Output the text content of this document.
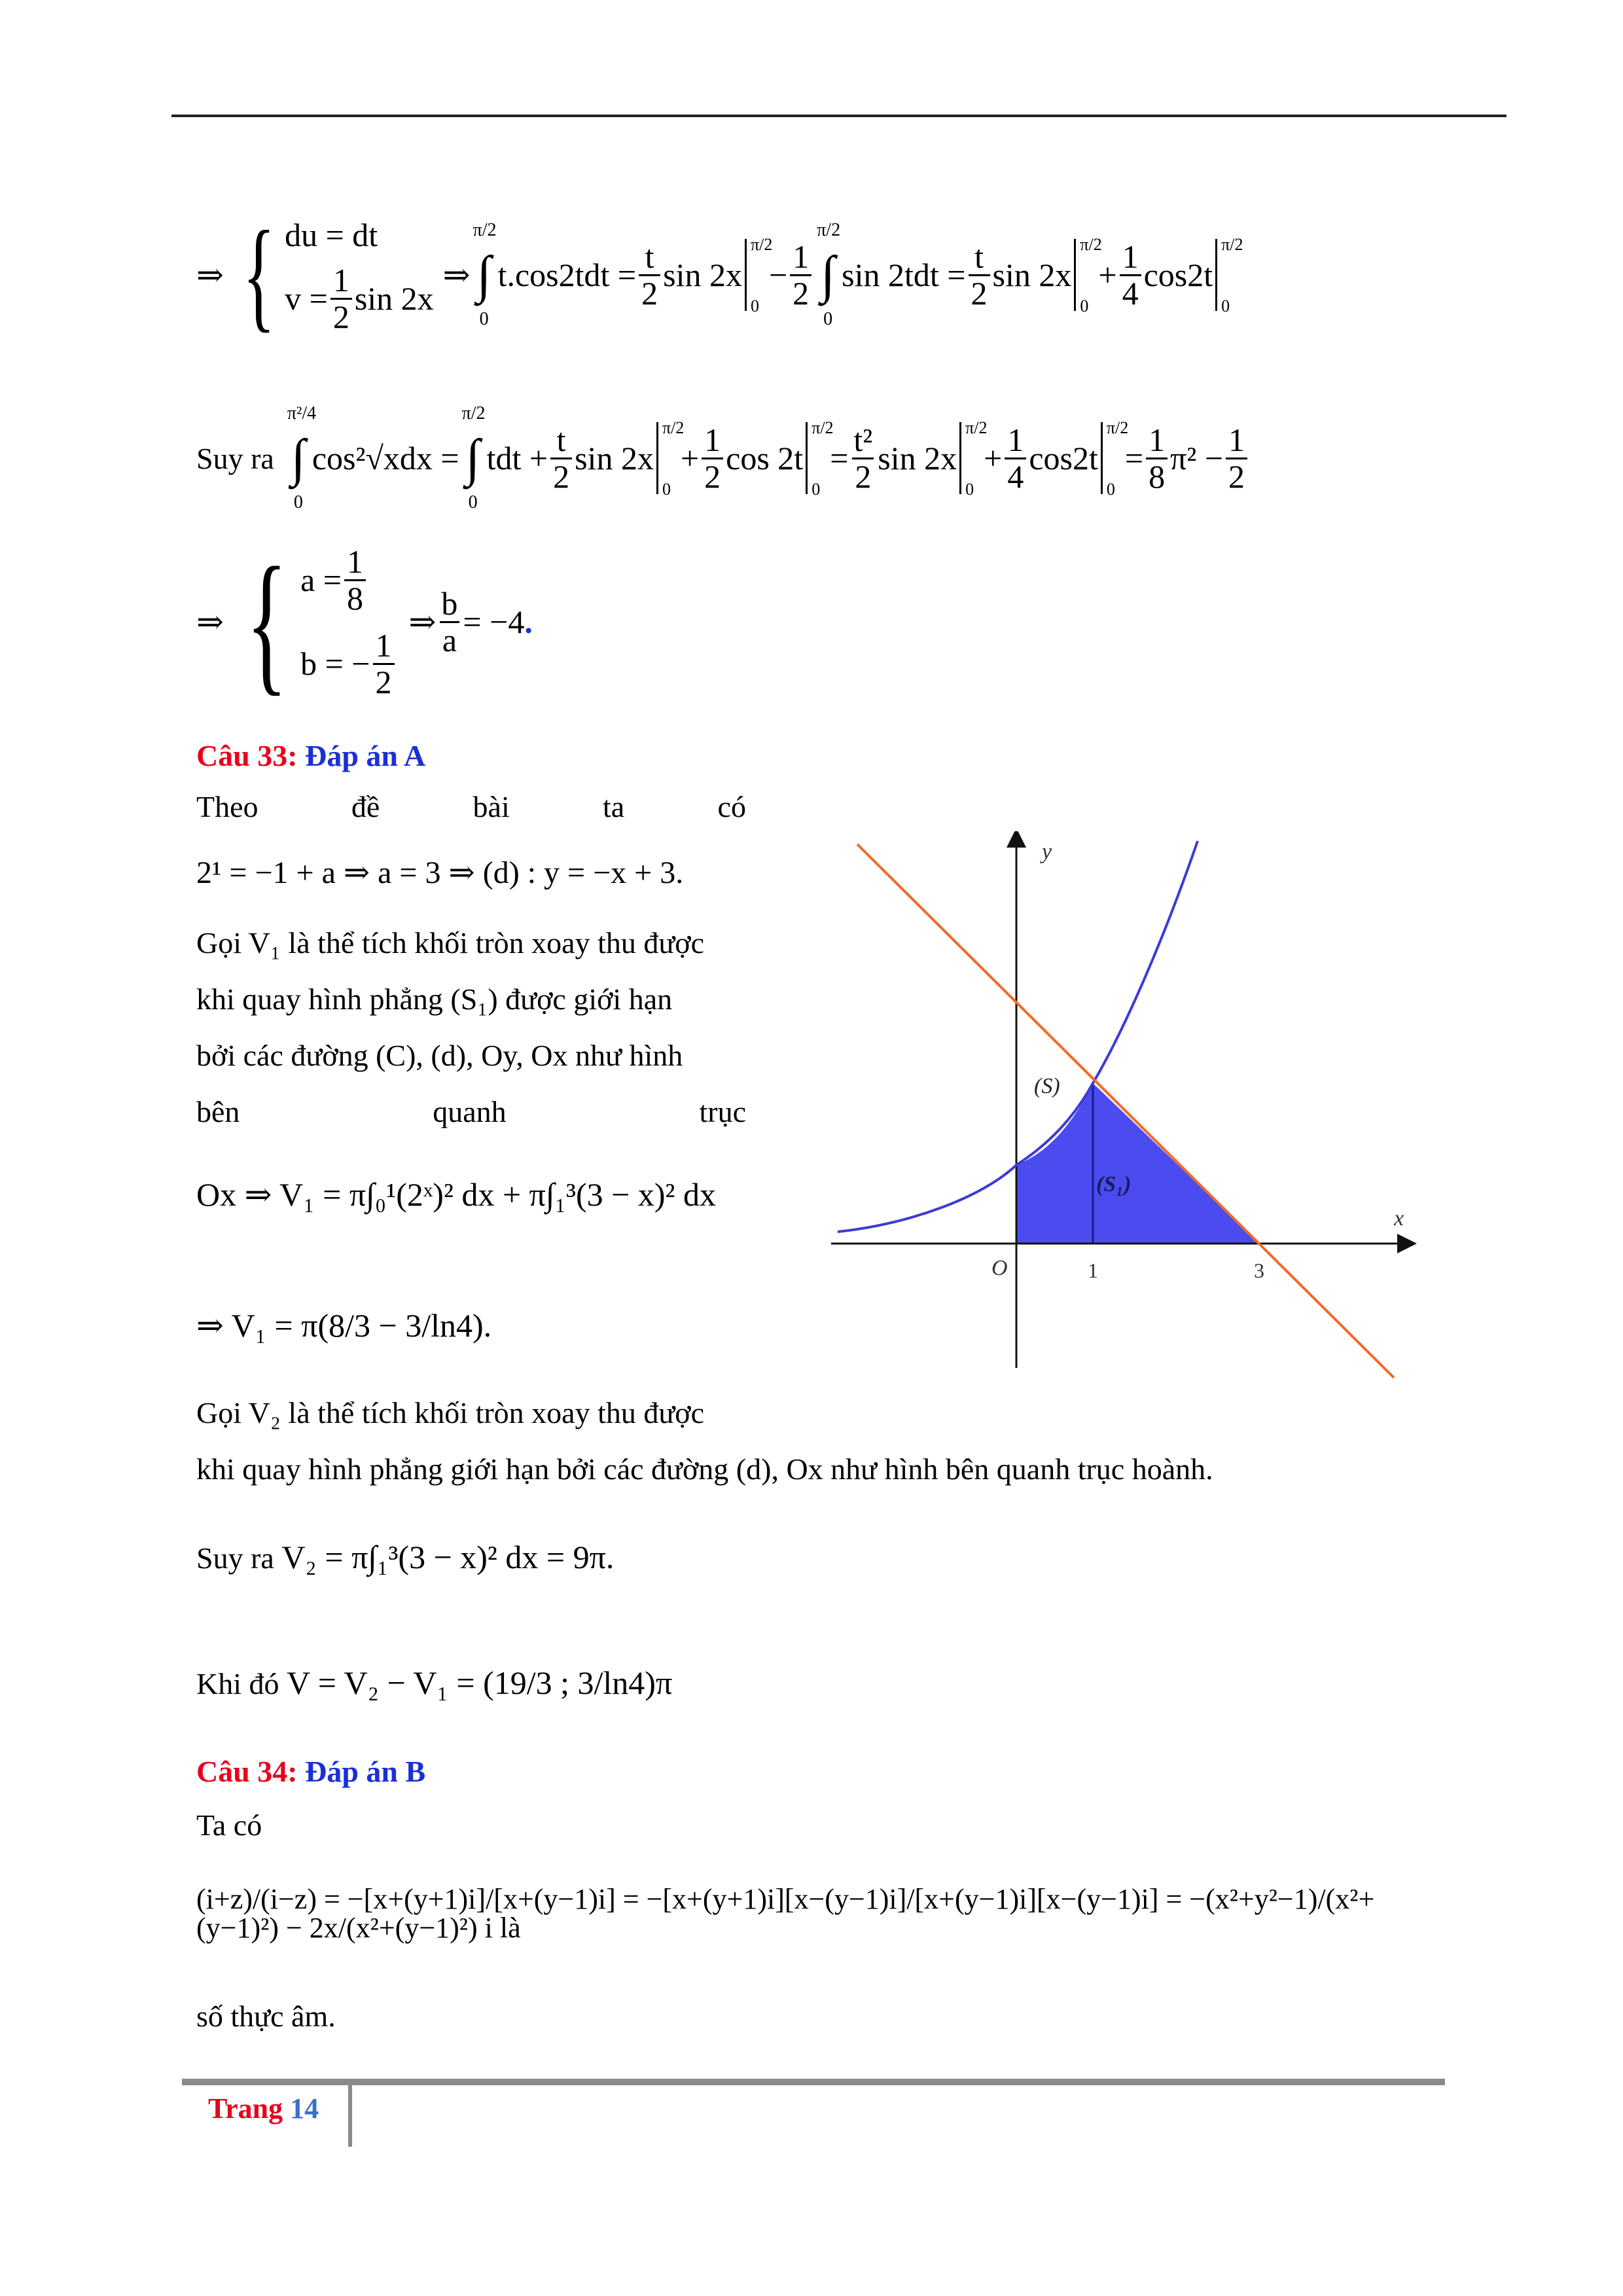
⇒ { du = dt
$v = \frac{1}{2}$ sin 2x
⇒
π/2
∫
0
$t.\cos 2tdt = \frac{t}{2}$ sin 2x
π/2
0
− $\frac{1}{2}$
π/2
∫
0
$\sin 2tdt = \frac{t}{2}$ sin 2x
π/2
0
+ $\frac{1}{4} \cos 2t$
π/2
0
Suy ra
π²/4
∫
0
cos²√xdx =
π/2
∫
0
tdt + $\frac{t}{2}$ sin 2x
π/2
0
+ $\frac{1}{2}$ cos 2t
π/2
0
= $\frac{\text{t²}}{2}$ sin 2x
π/2
0
+ $\frac{1}{4} \cos 2t$
π/2
0
= $\frac{1}{8} \pi^2 - \frac{1}{2}$
⇒ { $a = \frac{1}{8}$
b = − $\frac{1}{2}$
⇒ $\frac{b}{a} = -4$ .
Câu 33: Đáp án A
Theo	đề	bài	ta	có
2¹ = −1 + a ⇒ a = 3 ⇒ (d) : y = −x + 3.
Gọi V₁ là thể tích khối tròn xoay thu được
khi quay hình phẳng (S₁) được giới hạn
bởi các đường (C), (d), Oy, Ox như hình
bên	quanh	trục
Ox ⇒ V₁ = π∫₀¹(2ˣ)² dx + π∫₁³(3 − x)² dx
⇒ V₁ = π(8/3 − 3/ln4).
Gọi V₂ là thể tích khối tròn xoay thu được
khi quay hình phẳng giới hạn bởi các đường (d), Ox như hình bên quanh trục hoành.
Suy ra V₂ = π∫₁³(3 − x)² dx = 9π.
Khi đó V = V₂ − V₁ = (19/3 ; 3/ln4)π
y
x
O	1	3
(S)
(S₁)
Câu 34: Đáp án B
Ta có
(i+z)/(i−z) = −[x+(y+1)i]/[x+(y−1)i] = −[x+(y+1)i][x−(y−1)i]/[x+(y−1)i][x−(y−1)i] = −(x²+y²−1)/(x²+(y−1)²) − 2x/(x²+(y−1)²) i là
số thực âm.
Trang 14
